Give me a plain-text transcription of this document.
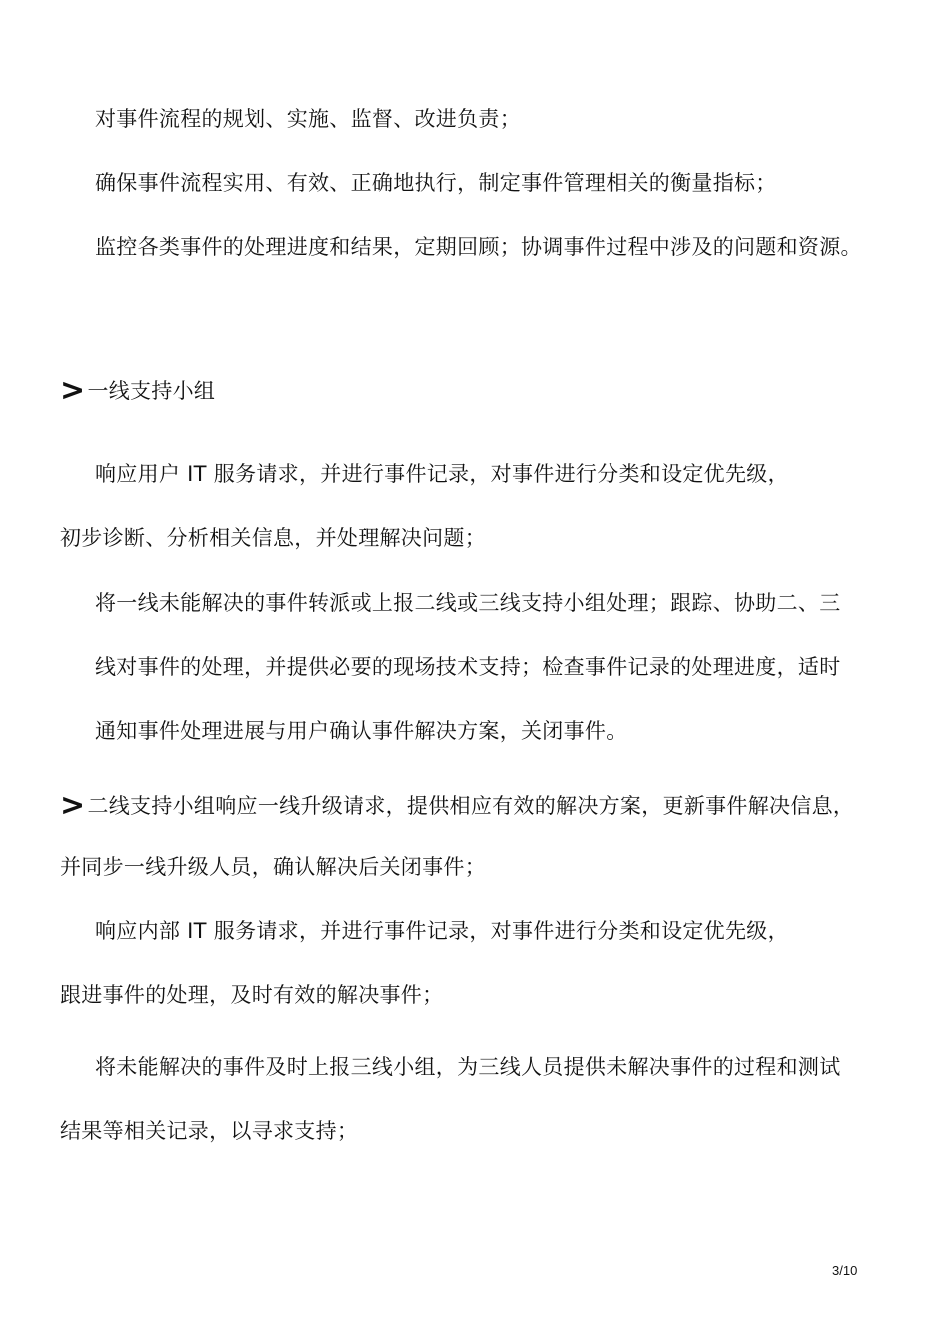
对事件流程的规划、实施、监督、改进负责；
确保事件流程实用、有效、正确地执行，制定事件管理相关的衡量指标；
监控各类事件的处理进度和结果，定期回顾；协调事件过程中涉及的问题和资源。
>一线支持小组
响应用户 IT 服务请求，并进行事件记录，对事件进行分类和设定优先级，
初步诊断、分析相关信息，并处理解决问题；
将一线未能解决的事件转派或上报二线或三线支持小组处理；跟踪、协助二、三
线对事件的处理，并提供必要的现场技术支持；检查事件记录的处理进度，适时
通知事件处理进展与用户确认事件解决方案，关闭事件。
>二线支持小组响应一线升级请求，提供相应有效的解决方案，更新事件解决信息，
并同步一线升级人员，确认解决后关闭事件；
响应内部 IT 服务请求，并进行事件记录，对事件进行分类和设定优先级，
跟进事件的处理，及时有效的解决事件；
将未能解决的事件及时上报三线小组，为三线人员提供未解决事件的过程和测试
结果等相关记录，以寻求支持；
3/10
